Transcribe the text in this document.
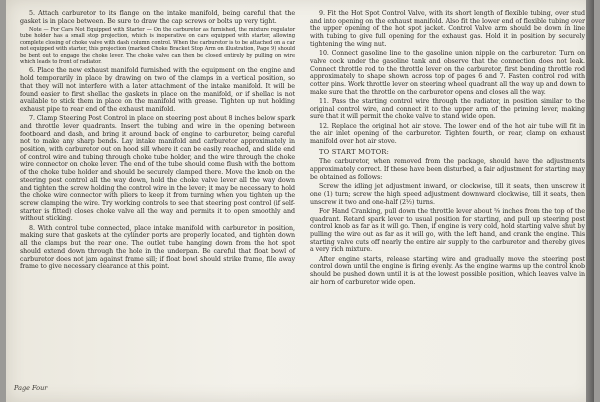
5. Attach carburetor to its flange on the intake manifold, being careful that the gasket is in place between. Be sure to draw the cap screws or bolts up very tight.

Note — For Cars Not Equipped with Starter — On the carburetor as furnished, the mixture regulator tube holder has a small stop projection, which is inoperative on cars equipped with starter, allowing complete closing of choke valve with dash column control. When the carburetor is to be attached on a car not equipped with starter, this projection (marked Choke Bracket Stop Arm on illustration, Page 9) should be bent out to engage the choke lever. The choke valve can then be closed entirely by pulling on wire which leads to front of radiator.

6. Place the new exhaust manifold furnished with the equipment on the engine and hold temporarily in place by drawing on two of the clamps in a vertical position, so that they will not interfere with a later attachment of the intake manifold. It will be found easier to first shellac the gaskets in place on the manifold, or if shellac is not available to stick them in place on the manifold with grease. Tighten up nut holding exhaust pipe to rear end of the exhaust manifold.

7. Clamp Steering Post Control in place on steering post about 8 inches below spark and throttle lever quadrants. Insert the tubing and wire in the opening between footboard and dash, and bring it around back of engine to carburetor, being careful not to make any sharp bends. Lay intake manifold and carburetor approximately in position, with carburetor out on hood sill where it can be easily reached, and slide end of control wire and tubing through choke tube holder, and the wire through the choke wire connector on choke lever. The end of the tube should come flush with the bottom of the choke tube holder and should be securely clamped there. Move the knob on the steering post control all the way down, hold the choke valve lever all the way down and tighten the screw holding the control wire in the lever; it may be necessary to hold the choke wire connector with pliers to keep it from turning when you tighten up the screw clamping the wire. Try working controls to see that steering post control (if self-starter is fitted) closes choke valve all the way and permits it to open smoothly and without sticking.

8. With control tube connected, place intake manifold with carburetor in position, making sure that gaskets at the cylinder ports are properly located, and tighten down all the clamps but the rear one. The outlet tube hanging down from the hot spot should extend down through the hole in the underpan. Be careful that float bowl of carburetor does not jam against frame sill; if float bowl should strike frame, file away frame to give necessary clearance at this point.

9. Fit the Hot Spot Control Valve, with its short length of flexible tubing, over stud and into opening on the exhaust manifold. Also fit the lower end of flexible tubing over the upper opening of the hot spot jacket. Control Valve arm should be down in line with tubing to give full opening for the exhaust gas. Hold it in position by securely tightening the wing nut.

10. Connect gasoline line to the gasoline union nipple on the carburetor. Turn on valve cock under the gasoline tank and observe that the connection does not leak. Connect throttle rod to the throttle lever on the carburetor, first bending throttle rod approximately to shape shown across top of pages 6 and 7. Fasten control rod with cotter pins. Work throttle lever on steering wheel quadrant all the way up and down to make sure that the throttle on the carburetor opens and closes all the way.

11. Pass the starting control wire through the radiator, in position similar to the original control wire, and connect it to the upper arm of the priming lever, making sure that it will permit the choke valve to stand wide open.

12. Replace the original hot air stove. The lower end of the hot air tube will fit in the air inlet opening of the carburetor. Tighten fourth, or rear, clamp on exhaust manifold over hot air stove.

TO START MOTOR:

The carburetor, when removed from the package, should have the adjustments approximately correct. If these have been disturbed, a fair adjustment for starting may be obtained as follows:

Screw the idling jet adjustment inward, or clockwise, till it seats, then unscrew it one (1) turn; screw the high speed adjustment downward clockwise, till it seats, then unscrew it two and one-half (2½) turns.

For Hand Cranking, pull down the throttle lever about ⅝ inches from the top of the quadrant. Retard spark lever to usual position for starting, and pull up steering post control knob as far as it will go. Then, if engine is very cold, hold starting valve shut by pulling the wire out as far as it will go, with the left hand, and crank the engine. This starting valve cuts off nearly the entire air supply to the carburetor and thereby gives a very rich mixture.

After engine starts, release starting wire and gradually move the steering post control down until the engine is firing evenly. As the engine warms up the control knob should be pushed down until it is at the lowest possible position, which leaves valve in air horn of carburetor wide open.

Page Four
